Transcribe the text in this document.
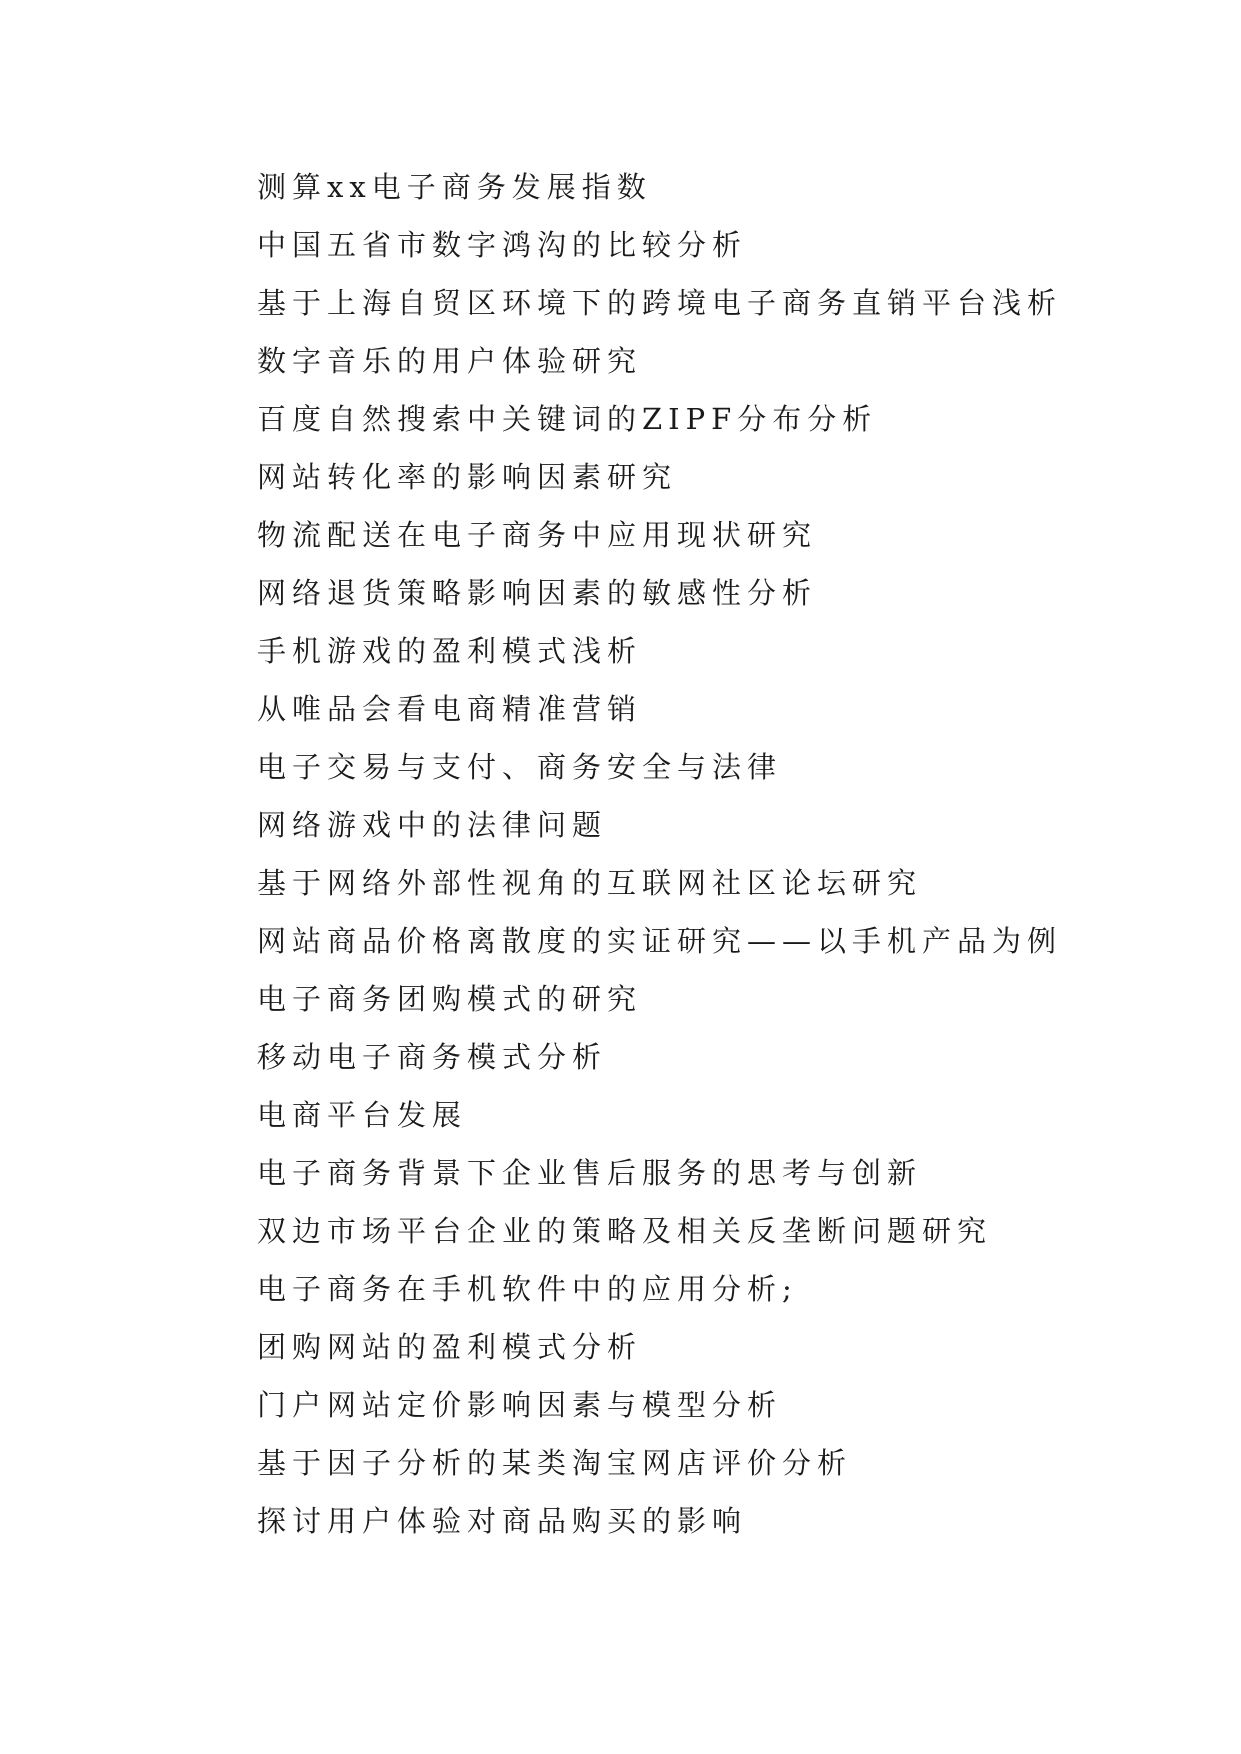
测算xx电子商务发展指数
中国五省市数字鸿沟的比较分析
基于上海自贸区环境下的跨境电子商务直销平台浅析
数字音乐的用户体验研究
百度自然搜索中关键词的ZIPF分布分析
网站转化率的影响因素研究
物流配送在电子商务中应用现状研究
网络退货策略影响因素的敏感性分析
手机游戏的盈利模式浅析
从唯品会看电商精准营销
电子交易与支付、商务安全与法律
网络游戏中的法律问题
基于网络外部性视角的互联网社区论坛研究
网站商品价格离散度的实证研究——以手机产品为例
电子商务团购模式的研究
移动电子商务模式分析
电商平台发展
电子商务背景下企业售后服务的思考与创新
双边市场平台企业的策略及相关反垄断问题研究
电子商务在手机软件中的应用分析;
团购网站的盈利模式分析
门户网站定价影响因素与模型分析
基于因子分析的某类淘宝网店评价分析
探讨用户体验对商品购买的影响
